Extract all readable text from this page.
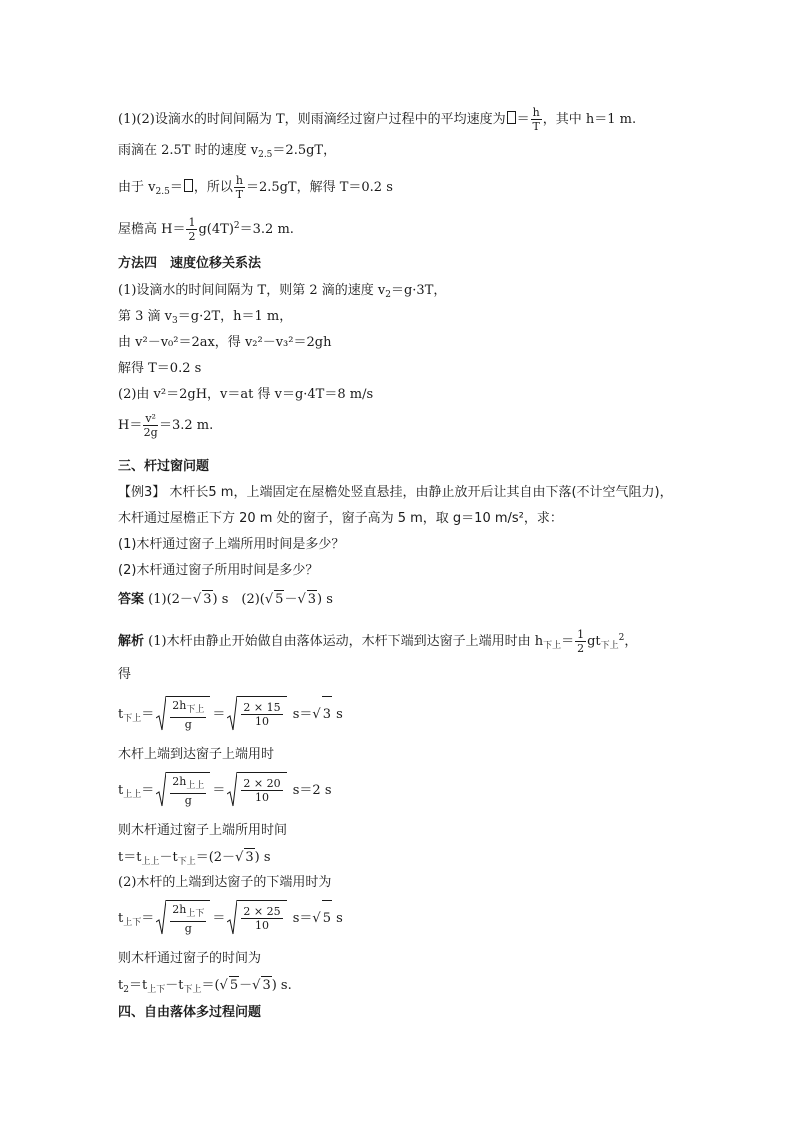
(1)(2)设滴水的时间间隔为 T，则雨滴经过窗户过程中的平均速度为 ＝ $\frac{h}{T}$ ，其中 h＝1 m.
雨滴在 2.5T 时的速度 $v_{2.5}=2.5gT$，
由于 $v_{2.5}=$ ，所以 $\frac{h}{T} =2.5gT$，解得 T＝0.2 s
屋檐高 $H= \frac{1}{2} g(4T)^2=3.2$ m.
方法四　速度位移关系法
(1)设滴水的时间间隔为 T，则第 2 滴的速度 $v_2=g\cdot 3T$，
第 3 滴 $v_3=g\cdot 2T$，h＝1 m，
由 v²－v₀²＝2ax，得 v₂²－v₃²＝2gh
解得 T＝0.2 s
(2)由 v²＝2gH，v＝at 得 v＝g·4T＝8 m/s
$H= \frac{\text{v²}}{2g} =3.2$ m.
三、杆过窗问题
【例3】 木杆长5 m，上端固定在屋檐处竖直悬挂，由静止放开后让其自由下落(不计空气阻力)，
木杆通过屋檐正下方 20 m 处的窗子，窗子高为 5 m，取 g＝10 m/s²，求：
(1)木杆通过窗子上端所用时间是多少？
(2)木杆通过窗子所用时间是多少？
答案 (1)(2－√ 3) s　(2)(√ 5－√ 3) s
解析 (1)木杆由静止开始做自由落体运动，木杆下端到达窗子上端用时由 $h_{下上}= \frac{1}{2} gt_{下上}^2$，
得
$t_{下上}= \frac{2h_{下上}}{g} = \frac{2 \times 15}{10} s=√$ 3 s
木杆上端到达窗子上端用时
$t_{上上}= \frac{2h_{上上}}{g} = \frac{2 \times 20}{10} s=2$ s
则木杆通过窗子上端所用时间
$t=t_{上上}-t_{下上}=(2-√$ 3) s
(2)木杆的上端到达窗子的下端用时为
$t_{上下}= \frac{2h_{上下}}{g} = \frac{2 \times 25}{10} s=√$ 5 s
则木杆通过窗子的时间为
$t_2=t_{上下}-t_{下上}=(√$ 5－√ 3) s.
四、自由落体多过程问题
